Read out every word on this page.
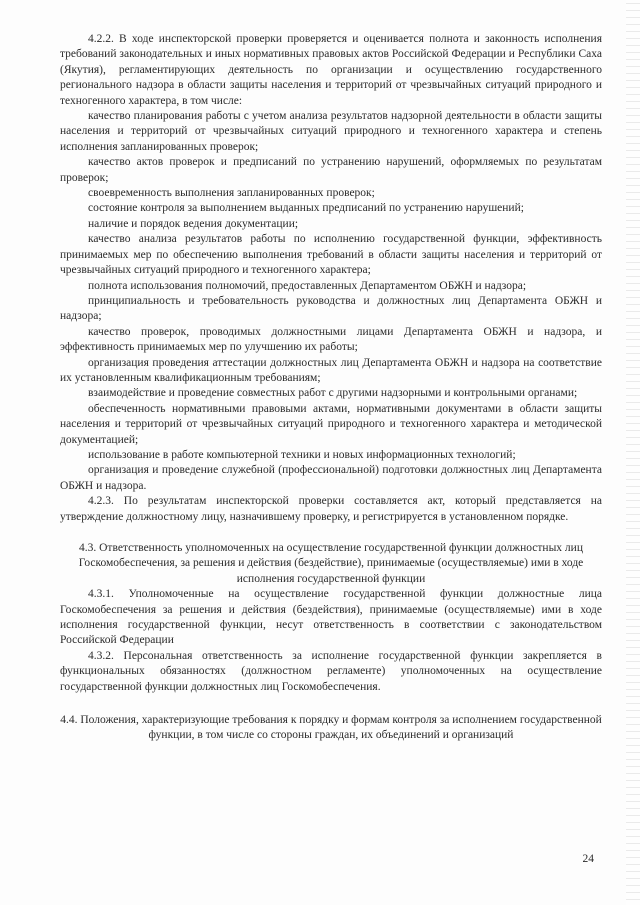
4.2.2. В ходе инспекторской проверки проверяется и оценивается полнота и законность исполнения требований законодательных и иных нормативных правовых актов Российской Федерации и Республики Саха (Якутия), регламентирующих деятельность по организации и осуществлению государственного регионального надзора в области защиты населения и территорий от чрезвычайных ситуаций природного и техногенного характера, в том числе:

качество планирования работы с учетом анализа результатов надзорной деятельности в области защиты населения и территорий от чрезвычайных ситуаций природного и техногенного характера и степень исполнения запланированных проверок;

качество актов проверок и предписаний по устранению нарушений, оформляемых по результатам проверок;

своевременность выполнения запланированных проверок;

состояние контроля за выполнением выданных предписаний по устранению нарушений;

наличие и порядок ведения документации;

качество анализа результатов работы по исполнению государственной функции, эффективность принимаемых мер по обеспечению выполнения требований в области защиты населения и территорий от чрезвычайных ситуаций природного и техногенного характера;

полнота использования полномочий, предоставленных Департаментом ОБЖН и надзора;

принципиальность и требовательность руководства и должностных лиц Департамента ОБЖН и надзора;

качество проверок, проводимых должностными лицами Департамента ОБЖН и надзора, и эффективность принимаемых мер по улучшению их работы;

организация проведения аттестации должностных лиц Департамента ОБЖН и надзора на соответствие их установленным квалификационным требованиям;

взаимодействие и проведение совместных работ с другими надзорными и контрольными органами;

обеспеченность нормативными правовыми актами, нормативными документами в области защиты населения и территорий от чрезвычайных ситуаций природного и техногенного характера и методической документацией;

использование в работе компьютерной техники и новых информационных технологий;

организация и проведение служебной (профессиональной) подготовки должностных лиц Департамента ОБЖН и надзора.

4.2.3. По результатам инспекторской проверки составляется акт, который представляется на утверждение должностному лицу, назначившему проверку, и регистрируется в установленном порядке.

4.3. Ответственность уполномоченных на осуществление государственной функции должностных лиц Госкомобеспечения, за решения и действия (бездействие), принимаемые (осуществляемые) ими в ходе исполнения государственной функции

4.3.1. Уполномоченные на осуществление государственной функции должностные лица Госкомобеспечения за решения и действия (бездействия), принимаемые (осуществляемые) ими в ходе исполнения государственной функции, несут ответственность в соответствии с законодательством Российской Федерации

4.3.2. Персональная ответственность за исполнение государственной функции закрепляется в функциональных обязанностях (должностном регламенте) уполномоченных на осуществление государственной функции должностных лиц Госкомобеспечения.

4.4. Положения, характеризующие требования к порядку и формам контроля за исполнением государственной функции, в том числе со стороны граждан, их объединений и организаций

24
